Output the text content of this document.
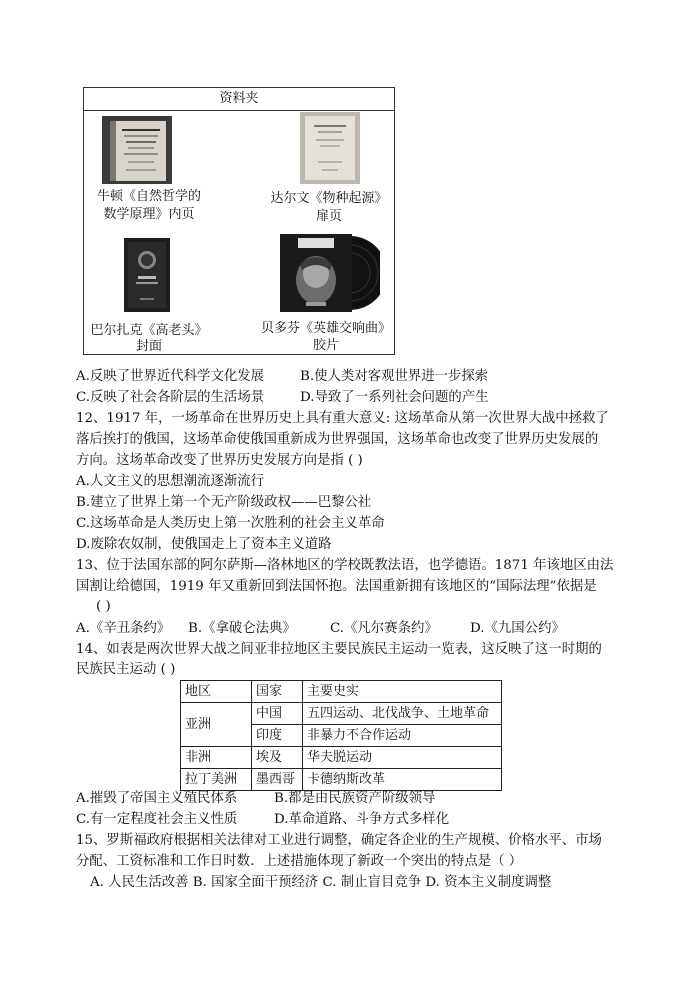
资料夹
牛顿《自然哲学的
数学原理》内页
达尔文《物种起源》
扉页
巴尔扎克《高老头》
封面
贝多芬《英雄交响曲》
胶片
A.反映了世界近代科学文化发展	B.使人类对客观世界进一步探索
C.反映了社会各阶层的生活场景	D.导致了一系列社会问题的产生
12、1917 年，一场革命在世界历史上具有重大意义: 这场革命从第一次世界大战中拯救了
落后挨打的俄国，这场革命使俄国重新成为世界强国，这场革命也改变了世界历史发展的
方向。这场革命改变了世界历史发展方向是指 ( )
A.人文主义的思想潮流逐渐流行
B.建立了世界上第一个无产阶级政权——巴黎公社
C.这场革命是人类历史上第一次胜利的社会主义革命
D.废除农奴制，使俄国走上了资本主义道路
13、位于法国东部的阿尔萨斯—洛林地区的学校既教法语，也学德语。1871 年该地区由法
国割让给德国，1919 年又重新回到法国怀抱。法国重新拥有该地区的“国际法理”依据是
( )
A.《辛丑条约》 B.《拿破仑法典》	C.《凡尔赛条约》 D.《九国公约》
14、如表是两次世界大战之间亚非拉地区主要民族民主运动一览表，这反映了这一时期的
民族民主运动 ( )
地区	国家	主要史实
亚洲	中国	五四运动、北伐战争、土地革命
	印度	非暴力不合作运动
非洲	埃及	华夫脱运动
拉丁美洲	墨西哥	卡德纳斯改革
A.摧毁了帝国主义殖民体系	B.都是由民族资产阶级领导
C.有一定程度社会主义性质	D.革命道路、斗争方式多样化
15、罗斯福政府根据相关法律对工业进行调整，确定各企业的生产规模、价格水平、市场
分配、工资标准和工作日时数．上述措施体现了新政一个突出的特点是（ ）
A. 人民生活改善 B. 国家全面干预经济 C. 制止盲目竞争 D. 资本主义制度调整
